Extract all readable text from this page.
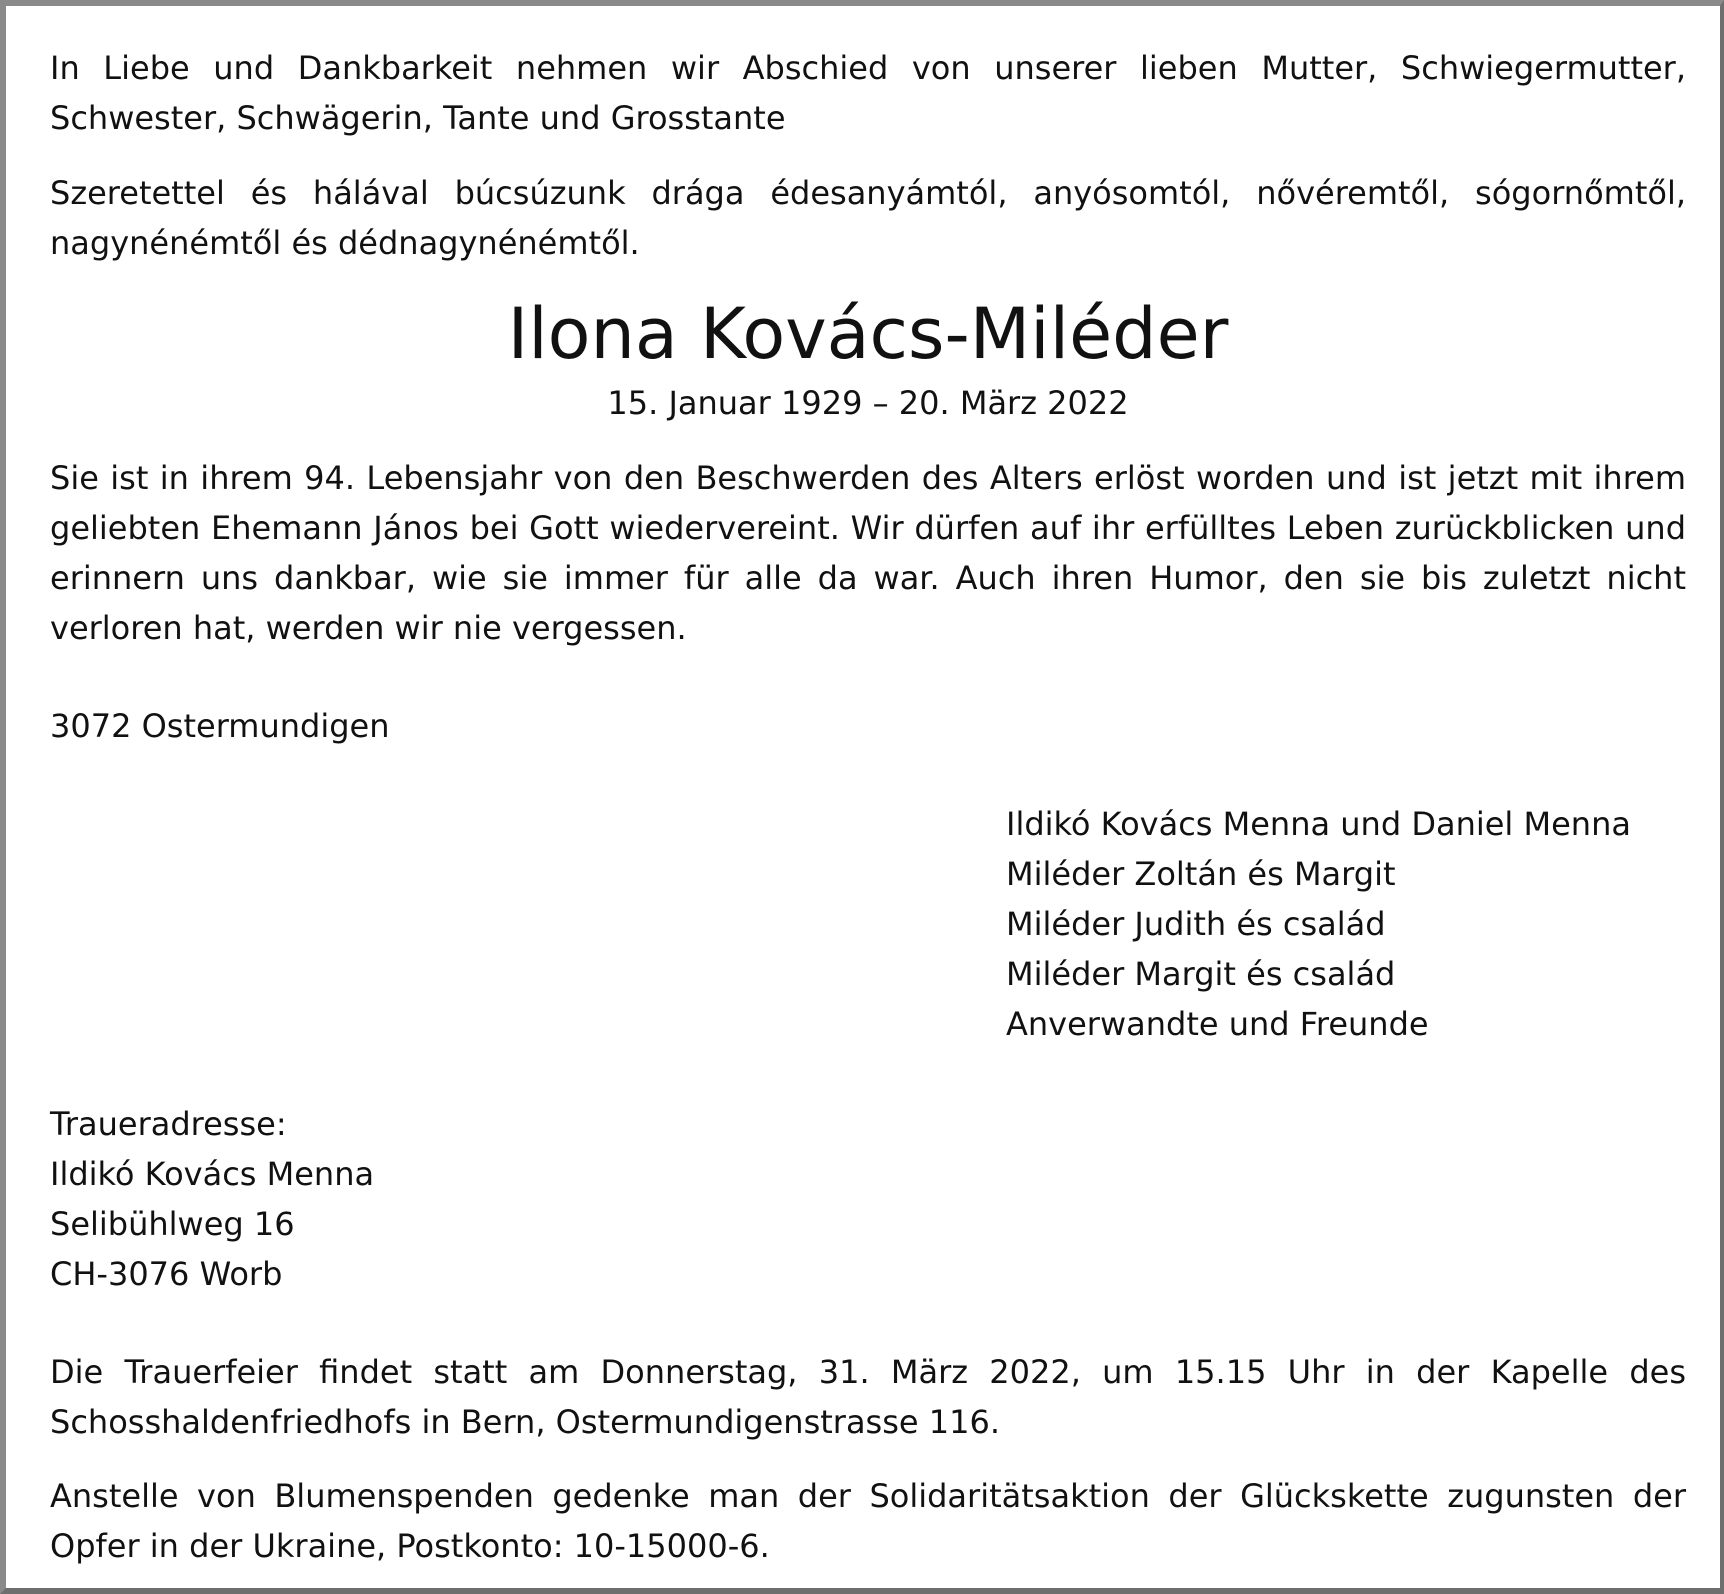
In Liebe und Dankbarkeit nehmen wir Abschied von unserer lieben Mutter, Schwiegermutter, Schwester, Schwägerin, Tante und Grosstante

Szeretettel és hálával búcsúzunk drága édesanyámtól, anyósomtól, nővéremtől, sógornőmtől, nagynénémtől és dédnagynénémtől.

Ilona Kovács-Miléder
15. Januar 1929 – 20. März 2022

Sie ist in ihrem 94. Lebensjahr von den Beschwerden des Alters erlöst worden und ist jetzt mit ihrem geliebten Ehemann János bei Gott wiedervereint. Wir dürfen auf ihr erfülltes Leben zurückblicken und erinnern uns dankbar, wie sie immer für alle da war. Auch ihren Humor, den sie bis zuletzt nicht verloren hat, werden wir nie vergessen.

3072 Ostermundigen

Ildikó Kovács Menna und Daniel Menna
Miléder Zoltán és Margit
Miléder Judith és család
Miléder Margit és család
Anverwandte und Freunde
Traueradresse:
Ildikó Kovács Menna
Selibühlweg 16
CH-3076 Worb

Die Trauerfeier findet statt am Donnerstag, 31. März 2022, um 15.15 Uhr in der Kapelle des Schosshaldenfriedhofs in Bern, Ostermundigenstrasse 116.

Anstelle von Blumenspenden gedenke man der Solidaritätsaktion der Glückskette zugunsten der Opfer in der Ukraine, Postkonto: 10-15000-6.
